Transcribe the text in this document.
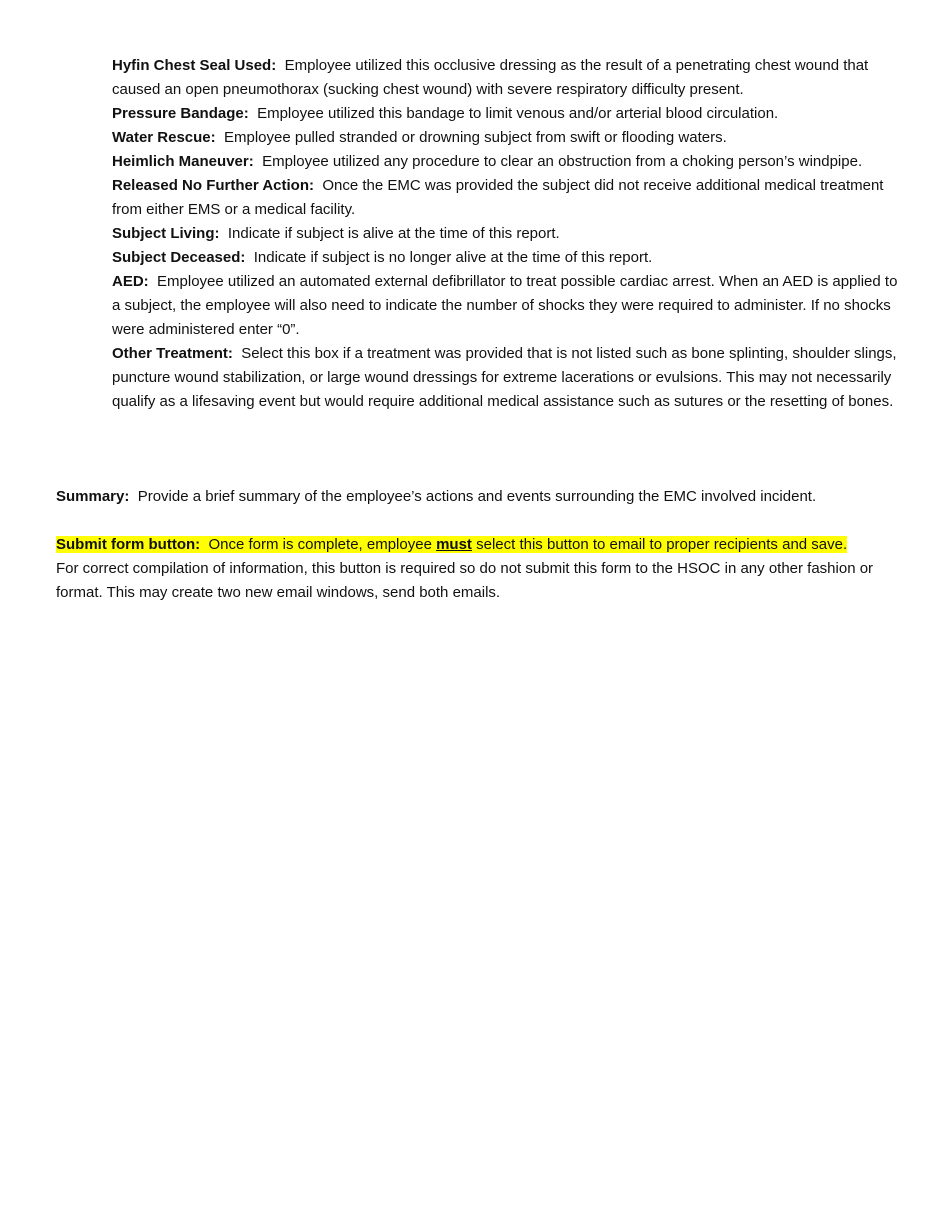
Hyfin Chest Seal Used: Employee utilized this occlusive dressing as the result of a penetrating chest wound that caused an open pneumothorax (sucking chest wound) with severe respiratory difficulty present.

Pressure Bandage: Employee utilized this bandage to limit venous and/or arterial blood circulation.

Water Rescue: Employee pulled stranded or drowning subject from swift or flooding waters.

Heimlich Maneuver: Employee utilized any procedure to clear an obstruction from a choking person’s windpipe.

Released No Further Action: Once the EMC was provided the subject did not receive additional medical treatment from either EMS or a medical facility.

Subject Living: Indicate if subject is alive at the time of this report.

Subject Deceased: Indicate if subject is no longer alive at the time of this report.

AED: Employee utilized an automated external defibrillator to treat possible cardiac arrest. When an AED is applied to a subject, the employee will also need to indicate the number of shocks they were required to administer. If no shocks were administered enter “0”.

Other Treatment: Select this box if a treatment was provided that is not listed such as bone splinting, shoulder slings, puncture wound stabilization, or large wound dressings for extreme lacerations or evulsions. This may not necessarily qualify as a lifesaving event but would require additional medical assistance such as sutures or the resetting of bones.

Summary: Provide a brief summary of the employee’s actions and events surrounding the EMC involved incident.

Submit form button: Once form is complete, employee must select this button to email to proper recipients and save.
For correct compilation of information, this button is required so do not submit this form to the HSOC in any other fashion or format. This may create two new email windows, send both emails.
